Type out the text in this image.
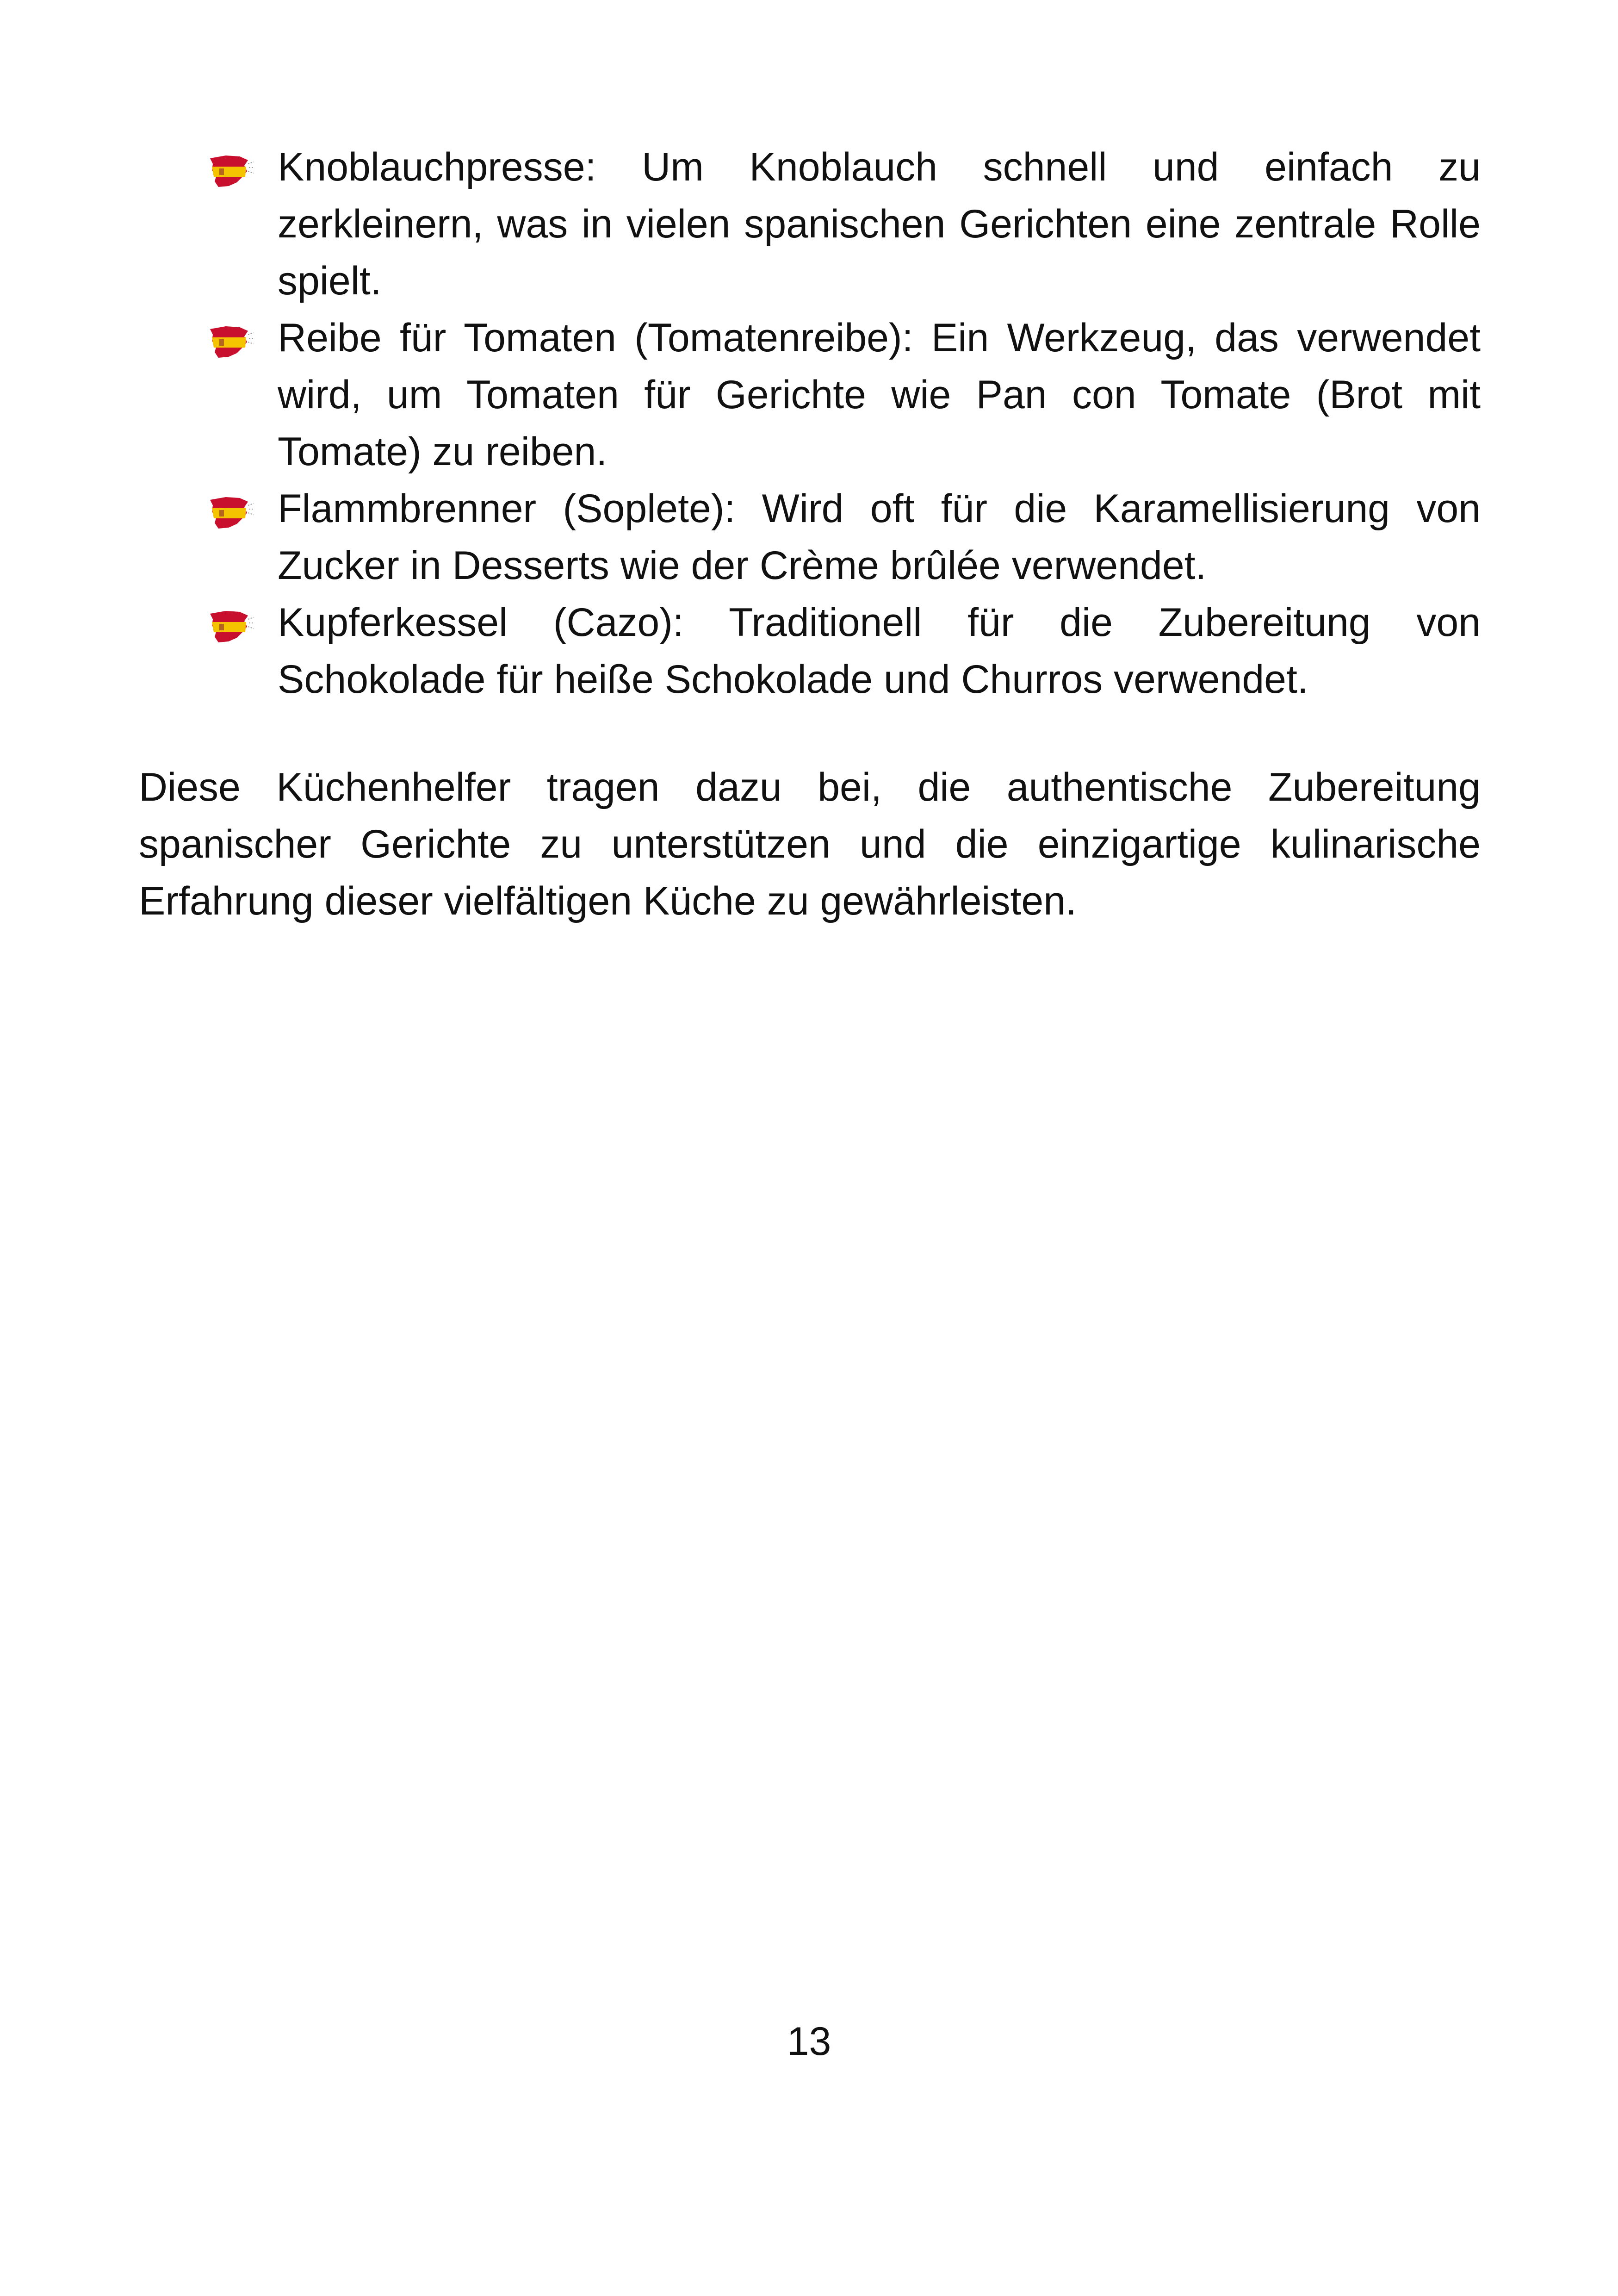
Knoblauchpresse: Um Knoblauch schnell und einfach zu zerkleinern, was in vielen spanischen Gerichten eine zentrale Rolle spielt.
Reibe für Tomaten (Tomatenreibe): Ein Werkzeug, das verwendet wird, um Tomaten für Gerichte wie Pan con Tomate (Brot mit Tomate) zu reiben.
Flammbrenner (Soplete): Wird oft für die Karamellisierung von Zucker in Desserts wie der Crème brûlée verwendet.
Kupferkessel (Cazo): Traditionell für die Zubereitung von Schokolade für heiße Schokolade und Churros verwendet.

Diese Küchenhelfer tragen dazu bei, die authentische Zubereitung spanischer Gerichte zu unterstützen und die einzigartige kulinarische Erfahrung dieser vielfältigen Küche zu gewährleisten.

13
